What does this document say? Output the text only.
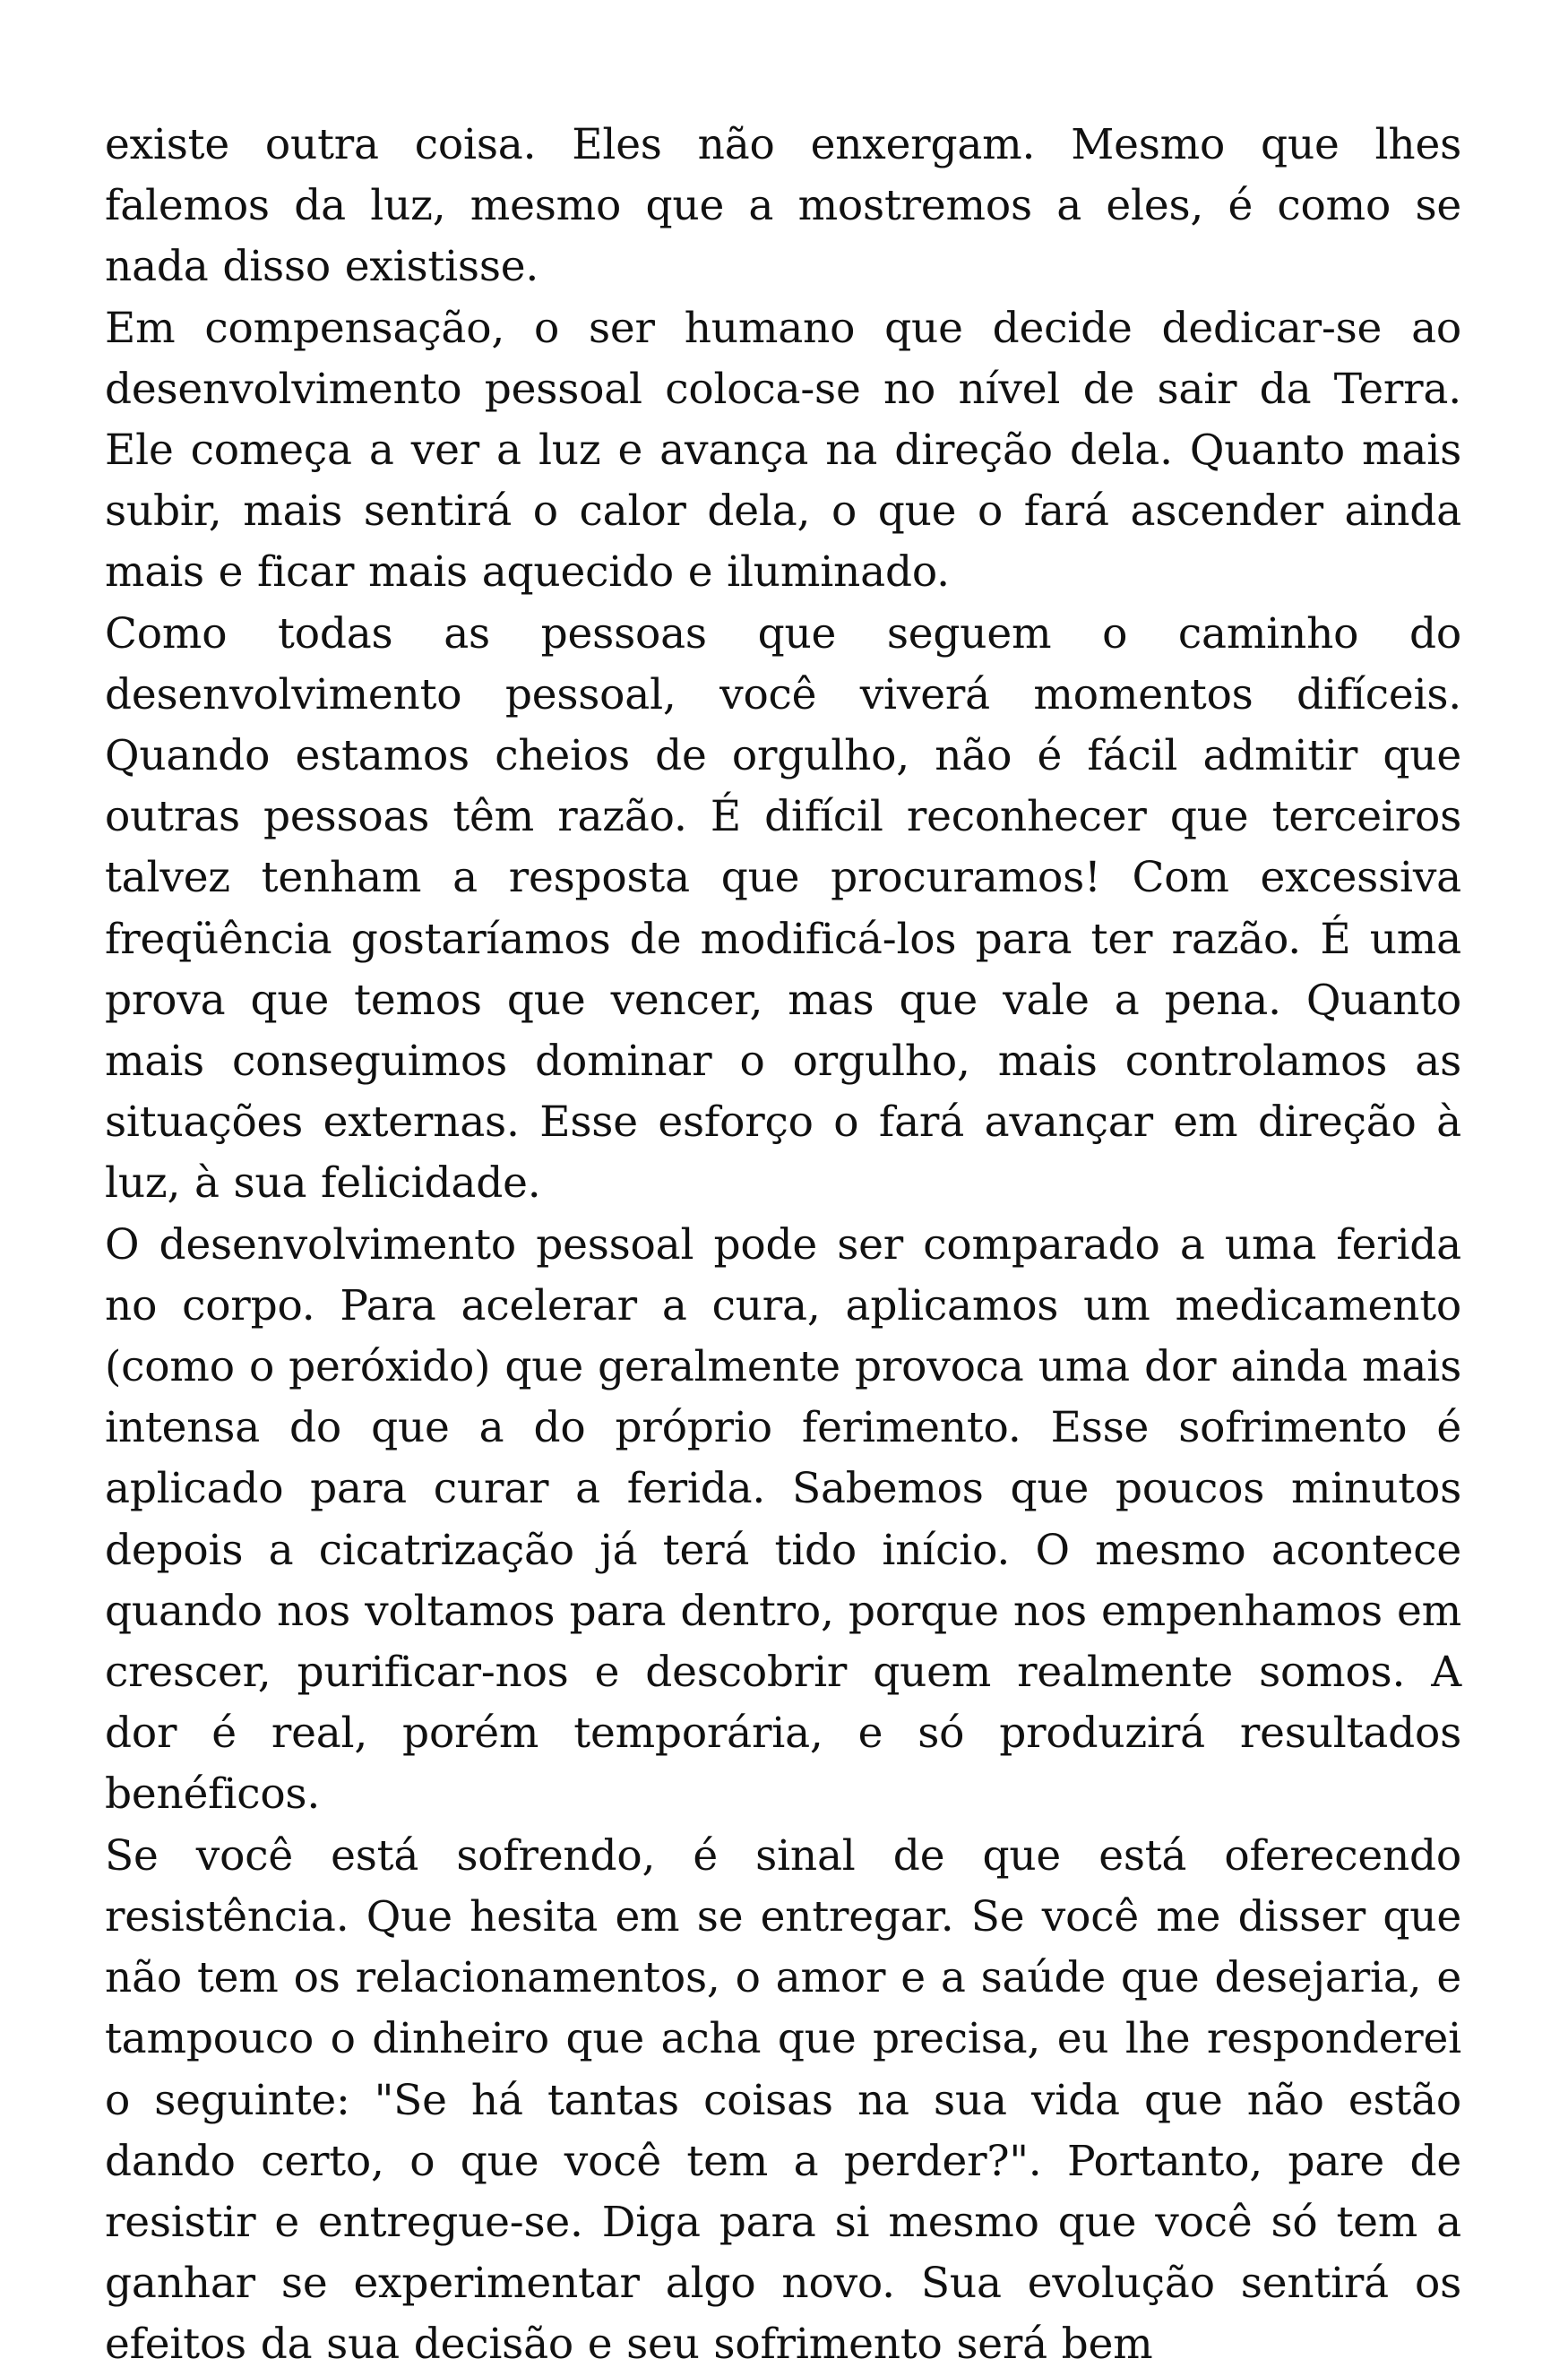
existe outra coisa. Eles não enxergam. Mesmo que lhes falemos da luz, mesmo que a mostremos a eles, é como se nada disso existisse.

Em compensação, o ser humano que decide dedicar-se ao desenvolvimento pessoal coloca-se no nível de sair da Terra. Ele começa a ver a luz e avança na direção dela. Quanto mais subir, mais sentirá o calor dela, o que o fará ascender ainda mais e ficar mais aquecido e iluminado.

Como todas as pessoas que seguem o caminho do desenvolvimento pessoal, você viverá momentos difíceis. Quando estamos cheios de orgulho, não é fácil admitir que outras pessoas têm razão. É difícil reconhecer que terceiros talvez tenham a resposta que procuramos! Com excessiva freqüência gostaríamos de modificá-los para ter razão. É uma prova que temos que vencer, mas que vale a pena. Quanto mais conseguimos dominar o orgulho, mais controlamos as situações externas. Esse esforço o fará avançar em direção à luz, à sua felicidade.

O desenvolvimento pessoal pode ser comparado a uma ferida no corpo. Para acelerar a cura, aplicamos um medicamento (como o peróxido) que geralmente provoca uma dor ainda mais intensa do que a do próprio ferimento. Esse sofrimento é aplicado para curar a ferida. Sabemos que poucos minutos depois a cicatrização já terá tido início. O mesmo acontece quando nos voltamos para dentro, porque nos empenhamos em crescer, purificar-nos e descobrir quem realmente somos. A dor é real, porém temporária, e só produzirá resultados benéficos.

Se você está sofrendo, é sinal de que está oferecendo resistência. Que hesita em se entregar. Se você me disser que não tem os relacionamentos, o amor e a saúde que desejaria, e tampouco o dinheiro que acha que precisa, eu lhe responderei o seguinte: "Se há tantas coisas na sua vida que não estão dando certo, o que você tem a perder?". Portanto, pare de resistir e entregue-se. Diga para si mesmo que você só tem a ganhar se experimentar algo novo. Sua evolução sentirá os efeitos da sua decisão e seu sofrimento será bem
